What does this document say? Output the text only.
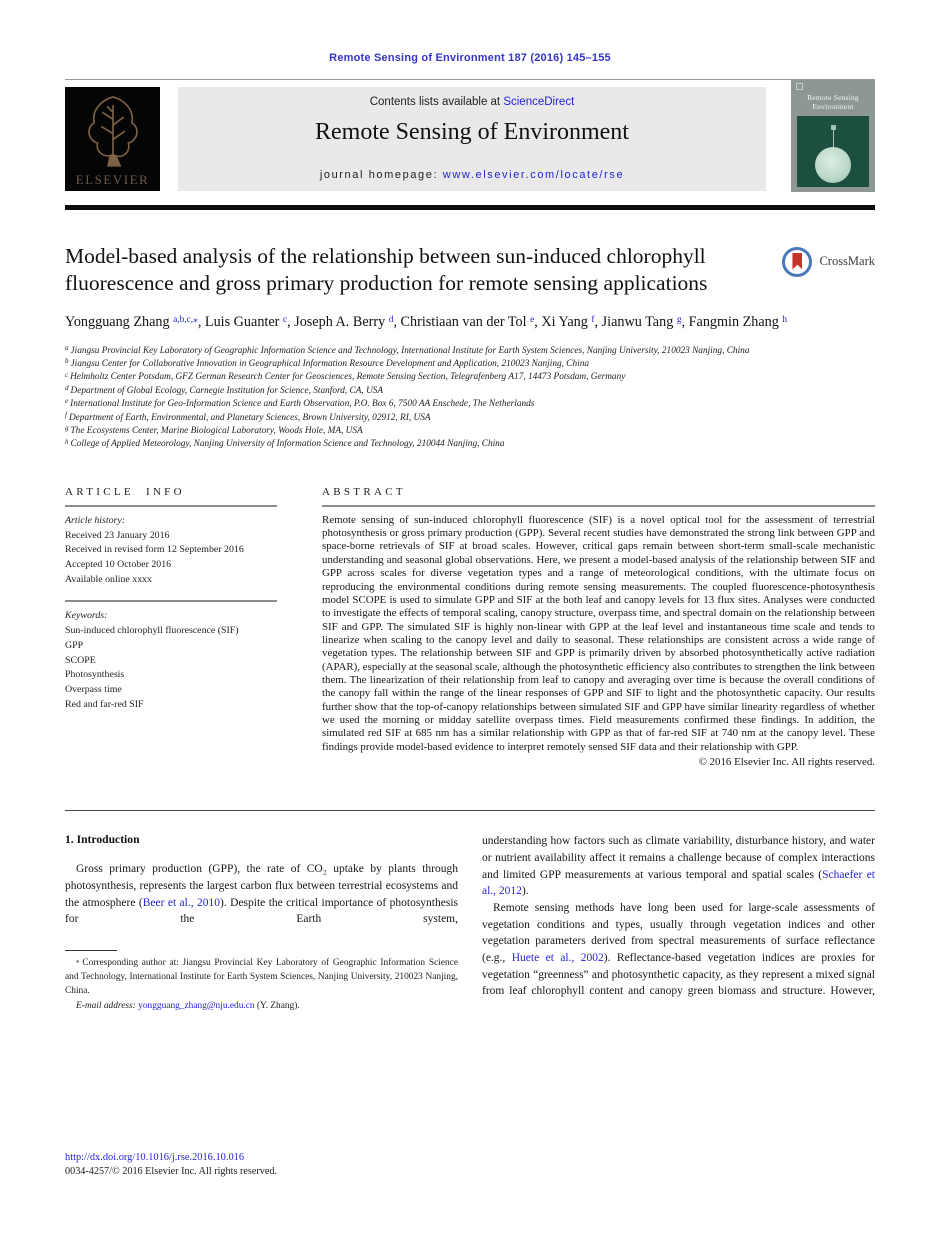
Remote Sensing of Environment 187 (2016) 145–155
ELSEVIER
Contents lists available at ScienceDirect
Remote Sensing of Environment
journal homepage: www.elsevier.com/locate/rse
Remote Sensing
Environment
Model-based analysis of the relationship between sun-induced chlorophyll fluorescence and gross primary production for remote sensing applications
CrossMark
Yongguang Zhang $^{a,b,c,⁎}$, Luis Guanter $^c$, Joseph A. Berry $^d$, Christiaan van der Tol $^e$, Xi Yang $^f$, Jianwu Tang $^g$, Fangmin Zhang $^h$
$^a$ Jiangsu Provincial Key Laboratory of Geographic Information Science and Technology, International Institute for Earth System Sciences, Nanjing University, 210023 Nanjing, China
$^b$ Jiangsu Center for Collaborative Innovation in Geographical Information Resource Development and Application, 210023 Nanjing, China
$^c$ Helmholtz Center Potsdam, GFZ German Research Center for Geosciences, Remote Sensing Section, Telegrafenberg A17, 14473 Potsdam, Germany
$^d$ Department of Global Ecology, Carnegie Institution for Science, Stanford, CA, USA
$^e$ International Institute for Geo-Information Science and Earth Observation, P.O. Box 6, 7500 AA Enschede, The Netherlands
$^f$ Department of Earth, Environmental, and Planetary Sciences, Brown University, 02912, RI, USA
$^g$ The Ecosystems Center, Marine Biological Laboratory, Woods Hole, MA, USA
$^h$ College of Applied Meteorology, Nanjing University of Information Science and Technology, 210044 Nanjing, China
ARTICLE INFO
Article history:
Received 23 January 2016
Received in revised form 12 September 2016
Accepted 10 October 2016
Available online xxxx
Keywords:
Sun-induced chlorophyll fluorescence (SIF)
GPP
SCOPE
Photosynthesis
Overpass time
Red and far-red SIF
ABSTRACT
Remote sensing of sun-induced chlorophyll fluorescence (SIF) is a novel optical tool for the assessment of terrestrial photosynthesis or gross primary production (GPP). Several recent studies have demonstrated the strong link between GPP and space-borne retrievals of SIF at broad scales. However, critical gaps remain between short-term small-scale mechanistic understanding and seasonal global observations. Here, we present a model-based analysis of the relationship between SIF and GPP across scales for diverse vegetation types and a range of meteorological conditions, with the ultimate focus on reproducing the environmental conditions during remote sensing measurements. The coupled fluorescence-photosynthesis model SCOPE is used to simulate GPP and SIF at the both leaf and canopy levels for 13 flux sites. Analyses were conducted to investigate the effects of temporal scaling, canopy structure, overpass time, and spectral domain on the relationship between SIF and GPP. The simulated SIF is highly non-linear with GPP at the leaf level and instantaneous time scale and tends to linearize when scaling to the canopy level and daily to seasonal. These relationships are consistent across a wide range of vegetation types. The relationship between SIF and GPP is primarily driven by absorbed photosynthetically active radiation (APAR), especially at the seasonal scale, although the photosynthetic efficiency also contributes to strengthen the link between them. The linearization of their relationship from leaf to canopy and averaging over time is because the overall conditions of the canopy fall within the range of the linear responses of GPP and SIF to light and the photosynthetic capacity. Our results further show that the top-of-canopy relationships between simulated SIF and GPP have similar linearity regardless of whether we used the morning or midday satellite overpass times. Field measurements confirmed these findings. In addition, the simulated red SIF at 685 nm has a similar relationship with GPP as that of far-red SIF at 740 nm at the canopy level. These findings provide model-based evidence to interpret remotely sensed SIF data and their relationship with GPP.
© 2016 Elsevier Inc. All rights reserved.
1. Introduction

Gross primary production (GPP), the rate of CO₂ uptake by plants through photosynthesis, represents the largest carbon flux between terrestrial ecosystems and the atmosphere (Beer et al., 2010). Despite the critical importance of photosynthesis for the Earth system,

⁎ Corresponding author at: Jiangsu Provincial Key Laboratory of Geographic Information Science and Technology, International Institute for Earth System Sciences, Nanjing University, 210023 Nanjing, China.
E-mail address: yongguang_zhang@nju.edu.cn (Y. Zhang).

understanding how factors such as climate variability, disturbance history, and water or nutrient availability affect it remains a challenge because of complex interactions and limited GPP measurements at various temporal and spatial scales (Schaefer et al., 2012).

Remote sensing methods have long been used for large-scale assessments of vegetation conditions and types, usually through vegetation indices and other vegetation parameters derived from spectral measurements of surface reflectance (e.g., Huete et al., 2002). Reflectance-based vegetation indices are proxies for vegetation “greenness” and photosynthetic capacity, as they represent a mixed signal from leaf chlorophyll content and canopy green biomass and structure. However,

http://dx.doi.org/10.1016/j.rse.2016.10.016
0034-4257/© 2016 Elsevier Inc. All rights reserved.
